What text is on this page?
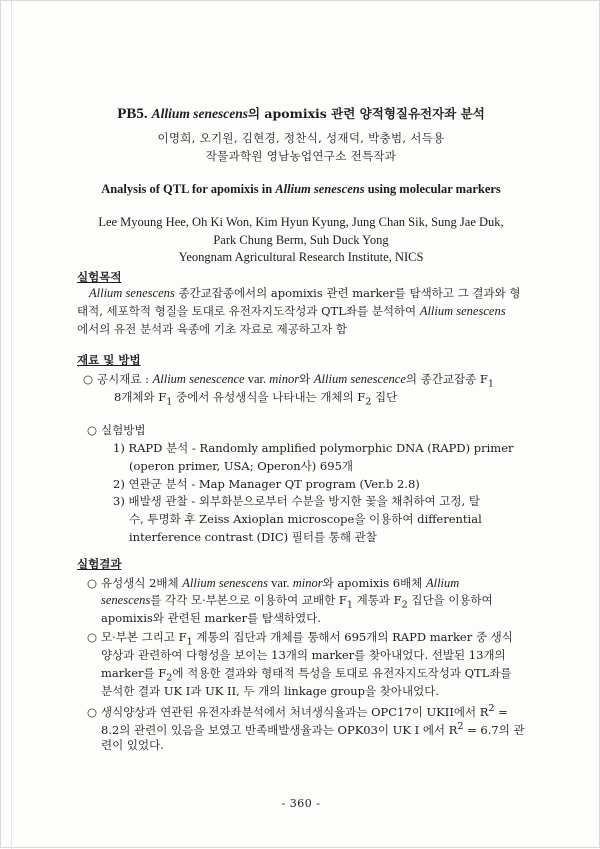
PB5. Allium senescens의 apomixis 관련 양적형질유전자좌 분석
이명희, 오기원, 김현경, 정찬식, 성재덕, 박충범, 서득용
작물과학원 영남농업연구소 전특작과
Analysis of QTL for apomixis in Allium senescens using molecular markers
Lee Myoung Hee, Oh Ki Won, Kim Hyun Kyung, Jung Chan Sik, Sung Jae Duk,
Park Chung Berm, Suh Duck Yong
Yeongnam Agricultural Research Institute, NICS
실험목적
Allium senescens 종간교잡종에서의 apomixis 관련 marker를 탐색하고 그 결과와 형
태적, 세포학적 형질을 토대로 유전자지도작성과 QTL좌를 분석하여 Allium senescens
에서의 유전 분석과 육종에 기초 자료로 제공하고자 함
재료 및 방법
○ 공시재료 : Allium senescence var. minor와 Allium senescence의 종간교잡종 $F_1$
8개체와 $F_1$ 중에서 유성생식을 나타내는 개체의 $F_2$ 집단
○ 실험방법
1) RAPD 분석 - Randomly amplified polymorphic DNA (RAPD) primer
(operon primer, USA; Operon사) 695개
2) 연관군 분석 - Map Manager QT program (Ver.b 2.8)
3) 배발생 관찰 - 외부화분으로부터 수분을 방지한 꽃을 채취하여 고정, 탈
수, 투명화 후 Zeiss Axioplan microscope을 이용하여 differential
interference contrast (DIC) 필터를 통해 관찰
실험결과
○ 유성생식 2배체 Allium senescens var. minor와 apomixis 6배체 Allium
senescens를 각각 모·부본으로 이용하여 교배한 $F_1$ 계통과 $F_2$ 집단을 이용하여
apomixis와 관련된 marker를 탐색하였다.
○ 모·부본 그리고 $F_1$ 계통의 집단과 개체를 통해서 695개의 RAPD marker 중 생식
양상과 관련하여 다형성을 보이는 13개의 marker를 찾아내었다. 선발된 13개의
marker를 $F_2$에 적용한 결과와 형태적 특성을 토대로 유전자지도작성과 QTL좌를
분석한 결과 UK I과 UK II, 두 개의 linkage group을 찾아내었다.
○ 생식양상과 연관된 유전자좌분석에서 처녀생식율과는 OPC17이 UKII에서 $R^2$ =
8.2의 관련이 있음을 보였고 반족배발생율과는 OPK03이 UK I 에서 $R^2 = 6.7$의 관
련이 있었다.
- 360 -
